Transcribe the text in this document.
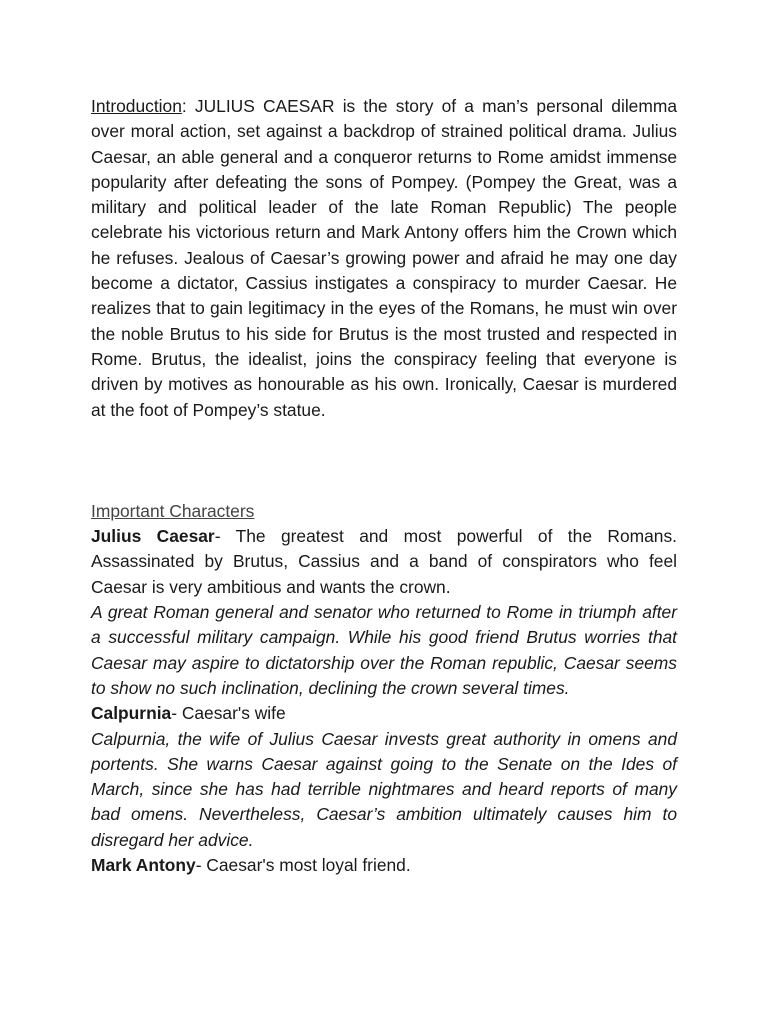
Introduction: JULIUS CAESAR is the story of a man’s personal dilemma over moral action, set against a backdrop of strained political drama. Julius Caesar, an able general and a conqueror returns to Rome amidst immense popularity after defeating the sons of Pompey. (Pompey the Great, was a military and political leader of the late Roman Republic) The people celebrate his victorious return and Mark Antony offers him the Crown which he refuses. Jealous of Caesar’s growing power and afraid he may one day become a dictator, Cassius instigates a conspiracy to murder Caesar. He realizes that to gain legitimacy in the eyes of the Romans, he must win over the noble Brutus to his side for Brutus is the most trusted and respected in Rome. Brutus, the idealist, joins the conspiracy feeling that everyone is driven by motives as honourable as his own. Ironically, Caesar is murdered at the foot of Pompey’s statue.

Important Characters

Julius Caesar- The greatest and most powerful of the Romans. Assassinated by Brutus, Cassius and a band of conspirators who feel Caesar is very ambitious and wants the crown.

A great Roman general and senator who returned to Rome in triumph after a successful military campaign. While his good friend Brutus worries that Caesar may aspire to dictatorship over the Roman republic, Caesar seems to show no such inclination, declining the crown several times.

Calpurnia- Caesar's wife

Calpurnia, the wife of Julius Caesar invests great authority in omens and portents. She warns Caesar against going to the Senate on the Ides of March, since she has had terrible nightmares and heard reports of many bad omens. Nevertheless, Caesar’s ambition ultimately causes him to disregard her advice.

Mark Antony- Caesar's most loyal friend.
